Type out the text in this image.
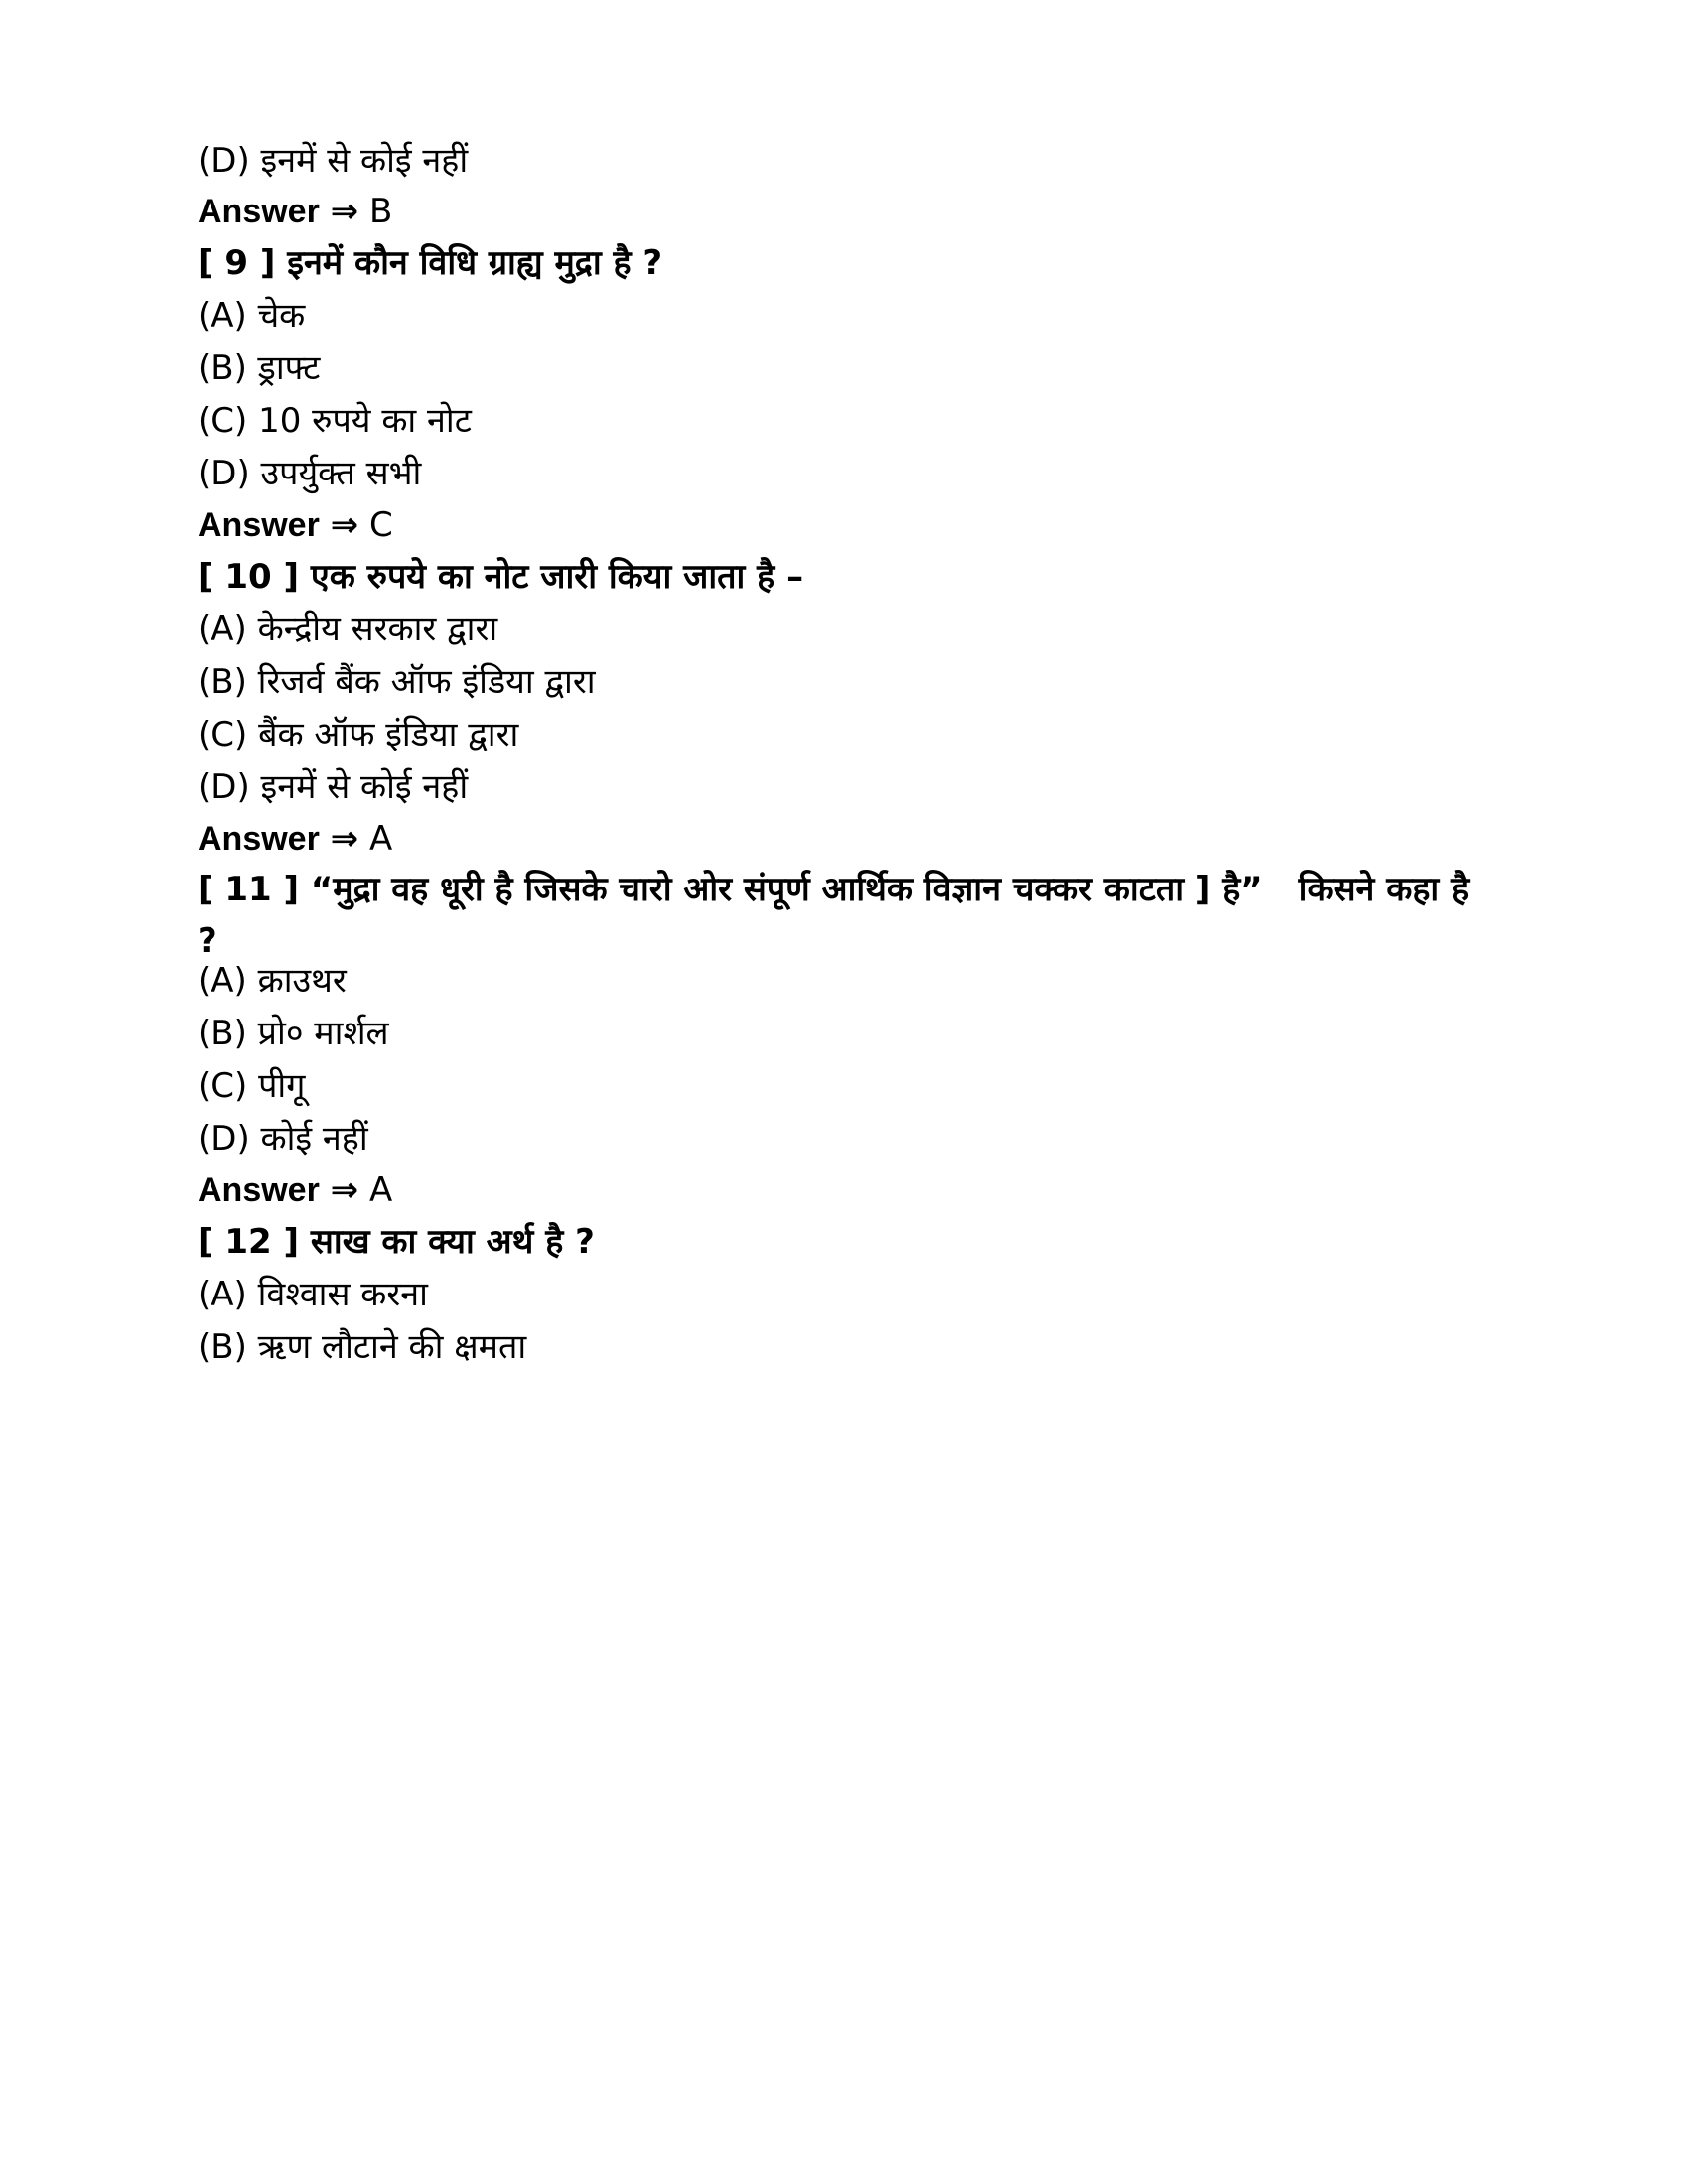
(D) इनमें से कोई नहीं
Answer ⇒ B
[ 9 ] इनमें कौन विधि ग्राह्य मुद्रा है ?
(A) चेक
(B) ड्राफ्ट
(C) 10 रुपये का नोट
(D) उपर्युक्त सभी
Answer ⇒ C
[ 10 ] एक रुपये का नोट जारी किया जाता है –
(A) केन्द्रीय सरकार द्वारा
(B) रिजर्व बैंक ऑफ इंडिया द्वारा
(C) बैंक ऑफ इंडिया द्वारा
(D) इनमें से कोई नहीं
Answer ⇒ A
[ 11 ] “मुद्रा वह धूरी है जिसके चारो ओर संपूर्ण आर्थिक विज्ञान चक्कर काटता ] है” किसने कहा है ?
(A) क्राउथर
(B) प्रो० मार्शल
(C) पीगू
(D) कोई नहीं
Answer ⇒ A
[ 12 ] साख का क्या अर्थ है ?
(A) विश्वास करना
(B) ऋण लौटाने की क्षमता
